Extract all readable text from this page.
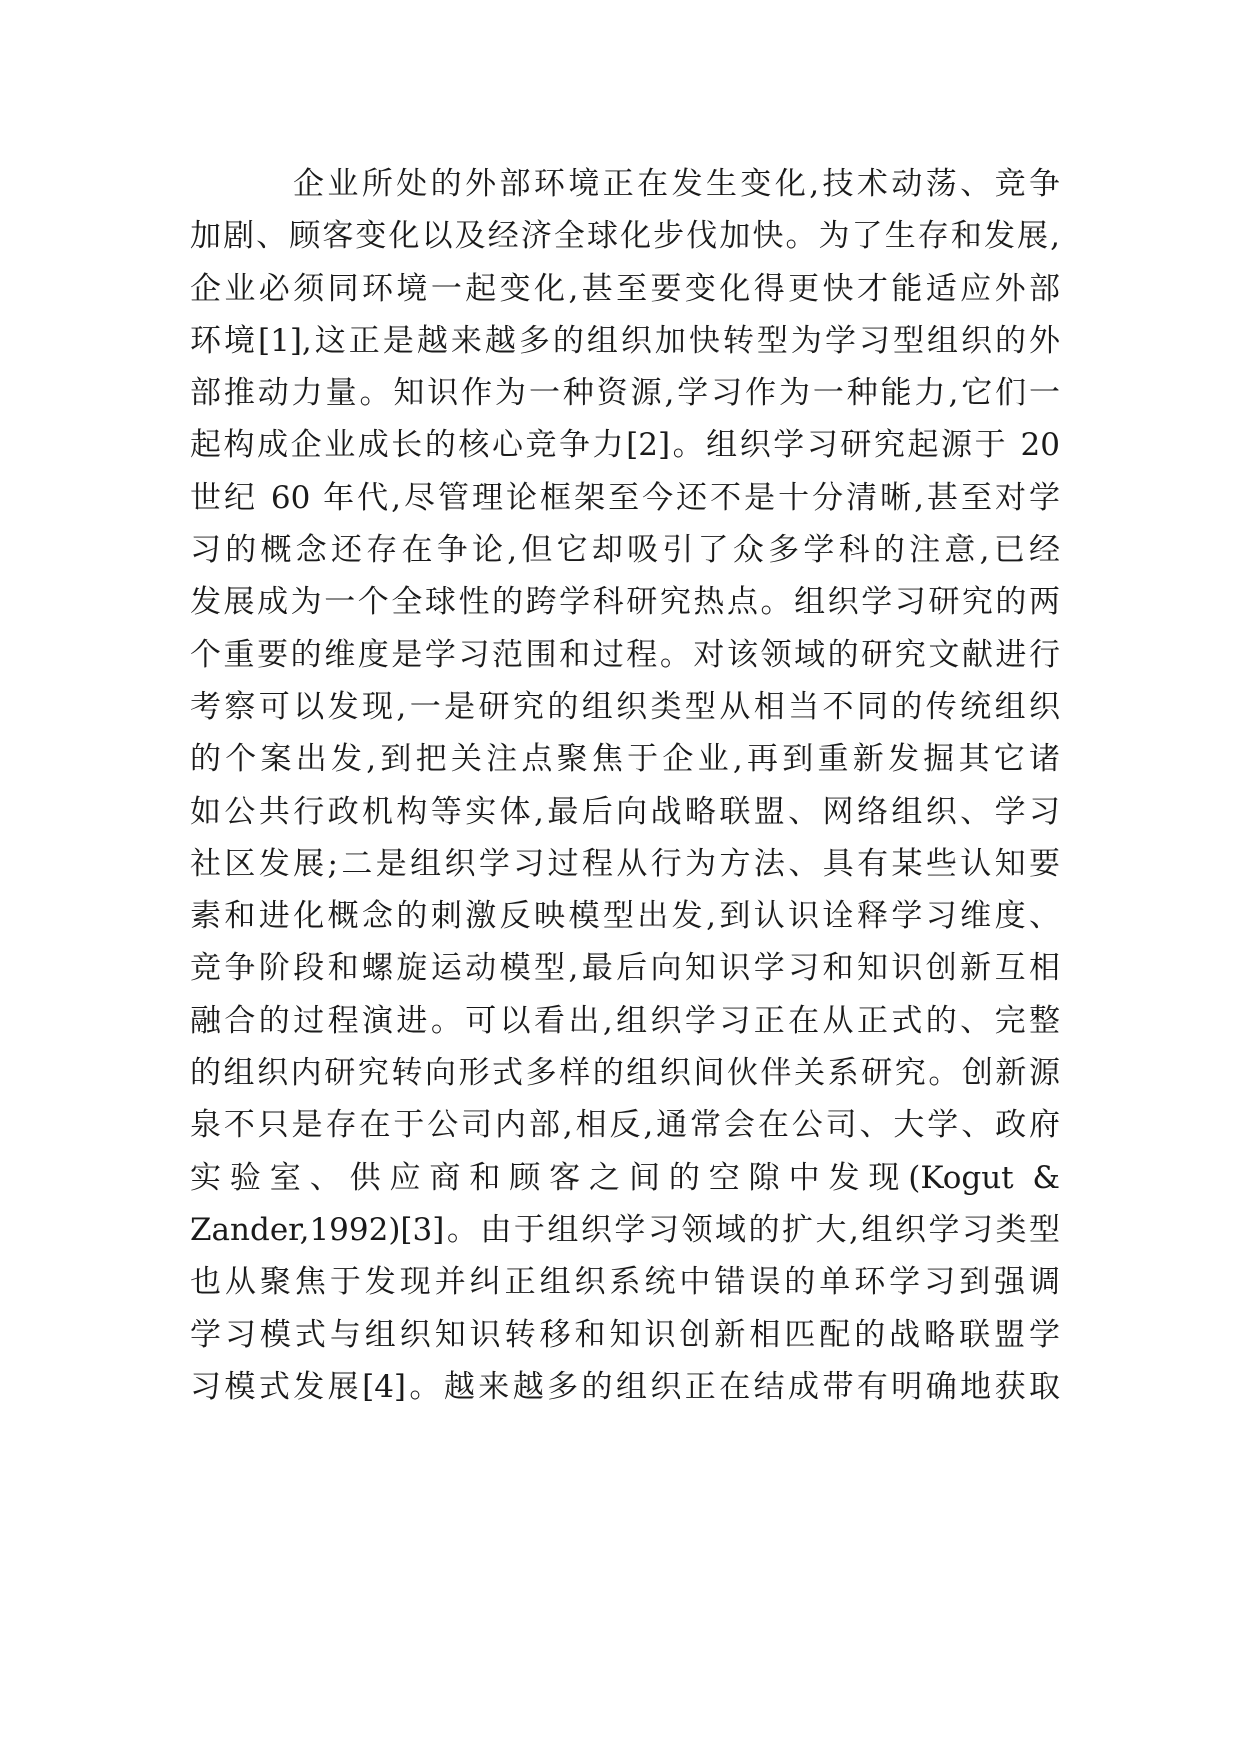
企业所处的外部环境正在发生变化,技术动荡、竞争
加剧、顾客变化以及经济全球化步伐加快。为了生存和发展,
企业必须同环境一起变化,甚至要变化得更快才能适应外部
环境[1],这正是越来越多的组织加快转型为学习型组织的外
部推动力量。知识作为一种资源,学习作为一种能力,它们一
起构成企业成长的核心竞争力[2]。组织学习研究起源于 20
世纪 60 年代,尽管理论框架至今还不是十分清晰,甚至对学
习的概念还存在争论,但它却吸引了众多学科的注意,已经
发展成为一个全球性的跨学科研究热点。组织学习研究的两
个重要的维度是学习范围和过程。对该领域的研究文献进行
考察可以发现,一是研究的组织类型从相当不同的传统组织
的个案出发,到把关注点聚焦于企业,再到重新发掘其它诸
如公共行政机构等实体,最后向战略联盟、网络组织、学习
社区发展;二是组织学习过程从行为方法、具有某些认知要
素和进化概念的刺激反映模型出发,到认识诠释学习维度、
竞争阶段和螺旋运动模型,最后向知识学习和知识创新互相
融合的过程演进。可以看出,组织学习正在从正式的、完整
的组织内研究转向形式多样的组织间伙伴关系研究。创新源
泉不只是存在于公司内部,相反,通常会在公司、大学、政府
实验室、供应商和顾客之间的空隙中发现(Kogut &
Zander,1992)[3]。由于组织学习领域的扩大,组织学习类型
也从聚焦于发现并纠正组织系统中错误的单环学习到强调
学习模式与组织知识转移和知识创新相匹配的战略联盟学
习模式发展[4]。越来越多的组织正在结成带有明确地获取
